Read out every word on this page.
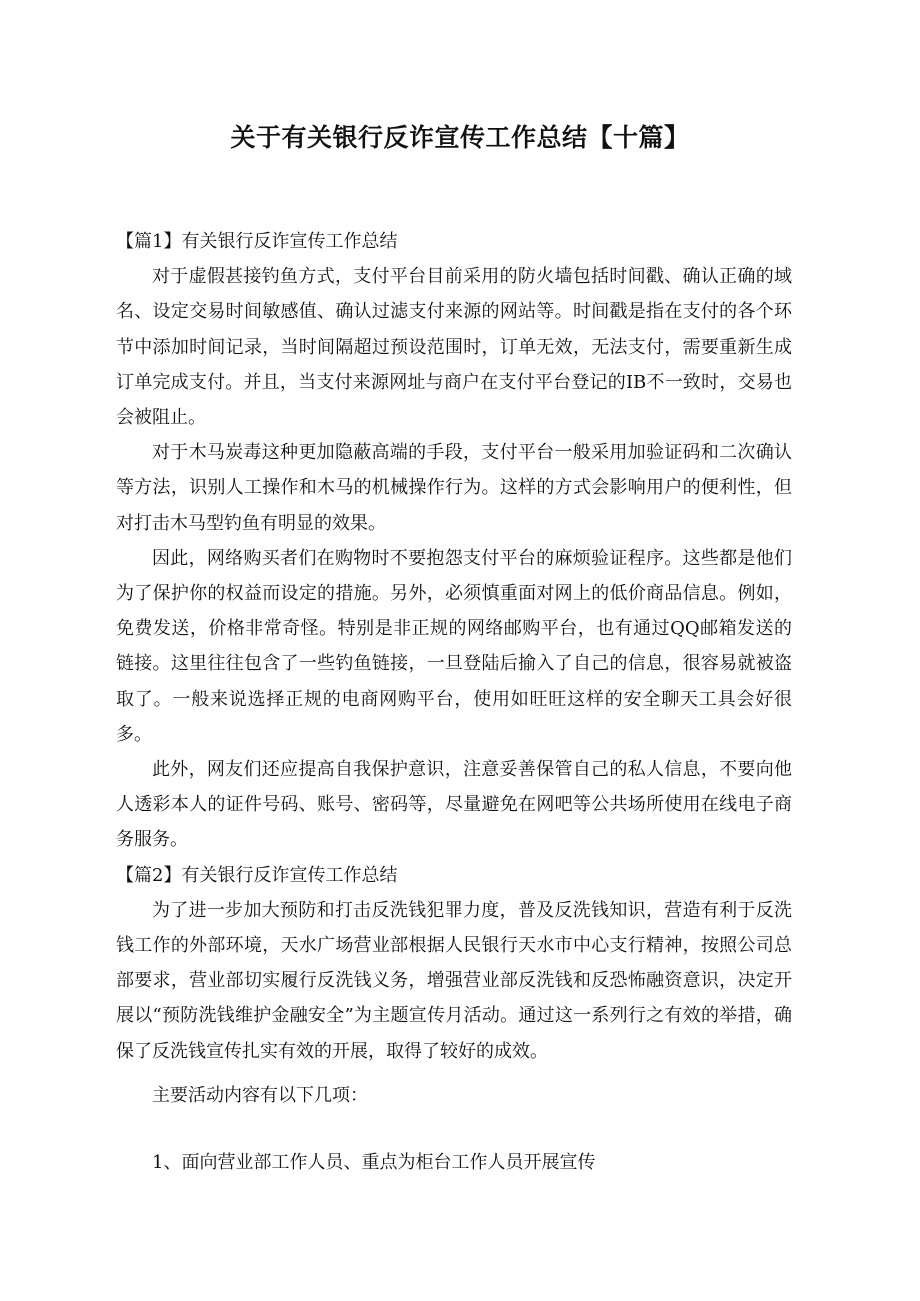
关于有关银行反诈宣传工作总结【十篇】

【篇1】有关银行反诈宣传工作总结

对于虚假甚接钓鱼方式，支付平台目前采用的防火墙包括时间戳、确认正确的域名、设定交易时间敏感值、确认过滤支付来源的网站等。时间戳是指在支付的各个环节中添加时间记录，当时间隔超过预设范围时，订单无效，无法支付，需要重新生成订单完成支付。并且，当支付来源网址与商户在支付平台登记的IB不一致时，交易也会被阻止。

对于木马炭毒这种更加隐蔽高端的手段，支付平台一般采用加验证码和二次确认等方法，识别人工操作和木马的机械操作行为。这样的方式会影响用户的便利性，但对打击木马型钓鱼有明显的效果。

因此，网络购买者们在购物时不要抱怨支付平台的麻烦验证程序。这些都是他们为了保护你的权益而设定的措施。另外，必须慎重面对网上的低价商品信息。例如，免费发送，价格非常奇怪。特别是非正规的网络邮购平台，也有通过QQ邮箱发送的链接。这里往往包含了一些钓鱼链接，一旦登陆后揄入了自己的信息，很容易就被盗取了。一般来说选择正规的电商网购平台，使用如旺旺这样的安全聊天工具会好很多。

此外，网友们还应提高自我保护意识，注意妥善保管自己的私人信息，不要向他人透彩本人的证件号码、账号、密码等，尽量避免在网吧等公共场所使用在线电子商务服务。

【篇2】有关银行反诈宣传工作总结

为了进一步加大预防和打击反洗钱犯罪力度，普及反洗钱知识，营造有利于反洗钱工作的外部环境，天水广场营业部根据人民银行天水市中心支行精神，按照公司总部要求，营业部切实履行反洗钱义务，增强营业部反洗钱和反恐怖融资意识，决定开展以“预防洗钱维护金融安全”为主题宣传月活动。通过这一系列行之有效的举措，确保了反洗钱宣传扎实有效的开展，取得了较好的成效。

主要活动内容有以下几项：

1、面向营业部工作人员、重点为柜台工作人员开展宣传
